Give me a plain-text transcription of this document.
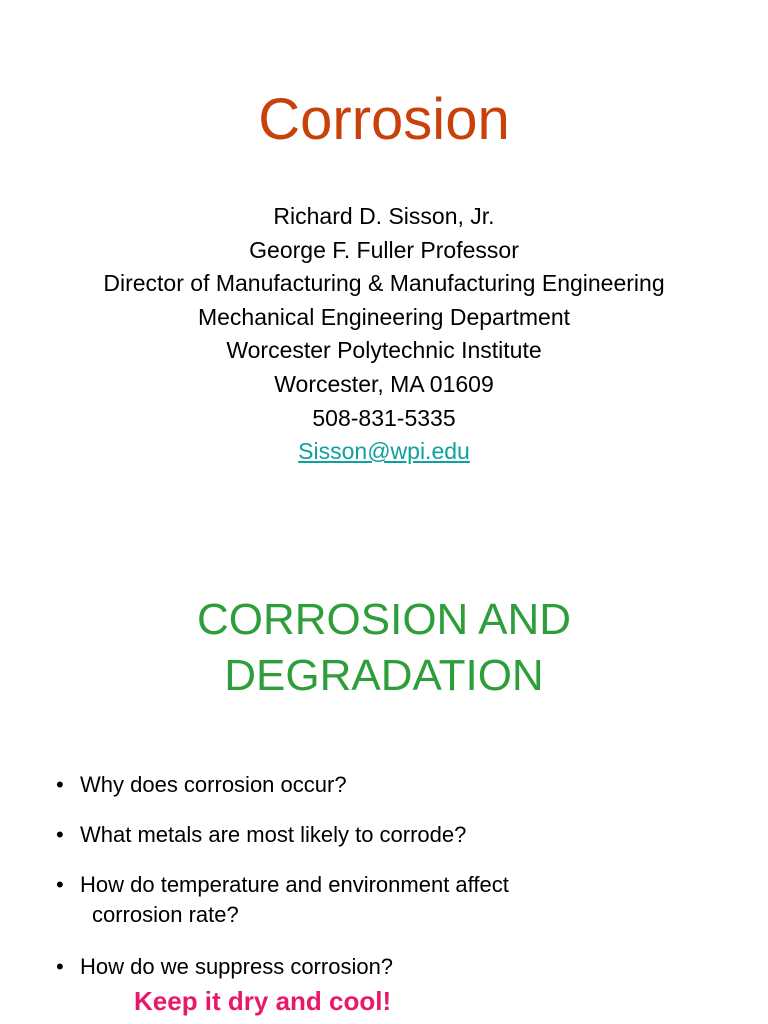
Corrosion
Richard D. Sisson, Jr.
George F. Fuller Professor
Director of Manufacturing & Manufacturing Engineering
Mechanical Engineering Department
Worcester Polytechnic Institute
Worcester, MA 01609
508-831-5335
Sisson@wpi.edu
CORROSION AND
DEGRADATION
• Why does corrosion occur?
• What metals are most likely to corrode?
• How do temperature and environment affect
corrosion rate?
• How do we suppress corrosion?
Keep it dry and cool!
